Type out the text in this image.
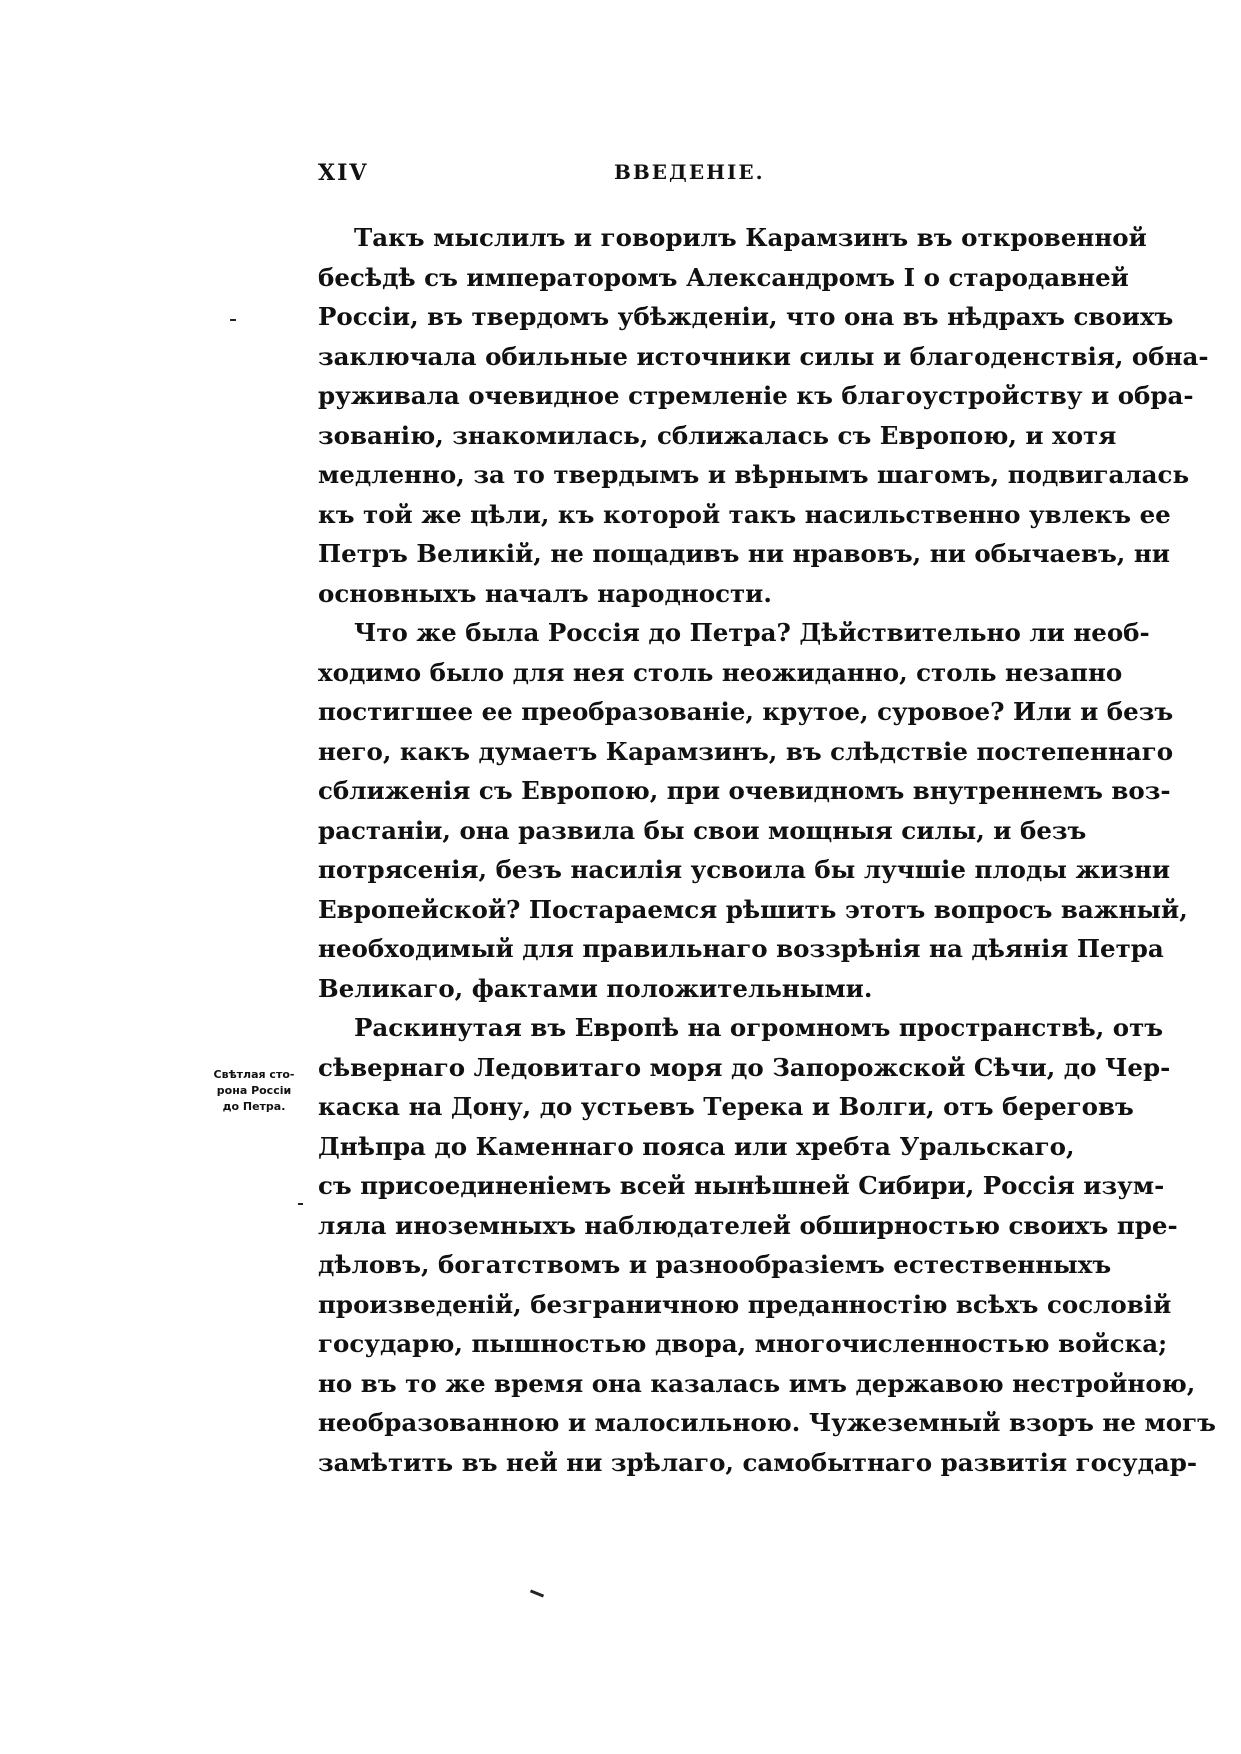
XIV	ВВЕДЕНІЕ.
Свѣтлая сто-
рона Россіи
до Петра.
Такъ мыслилъ и говорилъ Карамзинъ въ откровенной
бесѣдѣ съ императоромъ Александромъ I о стародавней
Россіи, въ твердомъ убѣжденіи, что она въ нѣдрахъ своихъ
заключала обильные источники силы и благоденствія, обна-
руживала очевидное стремленіе къ благоустройству и обра-
зованію, знакомилась, сближалась съ Европою, и хотя
медленно, за то твердымъ и вѣрнымъ шагомъ, подвигалась
къ той же цѣли, къ которой такъ насильственно увлекъ ее
Петръ Великій, не пощадивъ ни нравовъ, ни обычаевъ, ни
основныхъ началъ народности.
Что же была Россія до Петра? Дѣйствительно ли необ-
ходимо было для нея столь неожиданно, столь незапно
постигшее ее преобразованіе, крутое, суровое? Или и безъ
него, какъ думаетъ Карамзинъ, въ слѣдствіе постепеннаго
сближенія съ Европою, при очевидномъ внутреннемъ воз-
растаніи, она развила бы свои мощныя силы, и безъ
потрясенія, безъ насилія усвоила бы лучшіе плоды жизни
Европейской? Постараемся рѣшить этотъ вопросъ важный,
необходимый для правильнаго воззрѣнія на дѣянія Петра
Великаго, фактами положительными.
Раскинутая въ Европѣ на огромномъ пространствѣ, отъ
сѣвернаго Ледовитаго моря до Запорожской Сѣчи, до Чер-
каска на Дону, до устьевъ Терека и Волги, отъ береговъ
Днѣпра до Каменнаго пояса или хребта Уральскаго,
съ присоединеніемъ всей нынѣшней Сибири, Россія изум-
ляла иноземныхъ наблюдателей обширностью своихъ пре-
дѣловъ, богатствомъ и разнообразіемъ естественныхъ
произведеній, безграничною преданностію всѣхъ сословій
государю, пышностью двора, многочисленностью войска;
но въ то же время она казалась имъ державою нестройною,
необразованною и малосильною. Чужеземный взоръ не могъ
замѣтить въ ней ни зрѣлаго, самобытнаго развитія государ-
